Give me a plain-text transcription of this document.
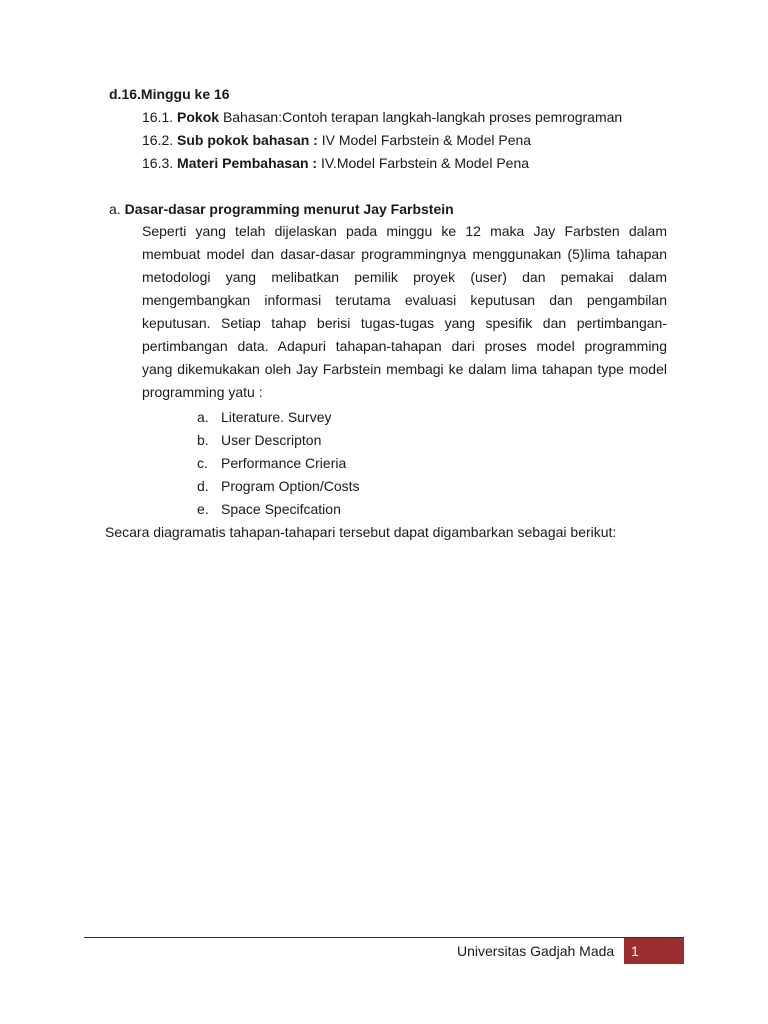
d.16.Minggu ke 16
16.1. Pokok Bahasan:Contoh terapan langkah-langkah proses pemrograman
16.2. Sub pokok bahasan : IV Model Farbstein & Model Pena
16.3. Materi Pembahasan : IV.Model Farbstein & Model Pena
a. Dasar-dasar programming menurut Jay Farbstein
Seperti yang telah dijelaskan pada minggu ke 12 maka Jay Farbsten dalam
membuat model dan dasar-dasar programmingnya menggunakan (5)lima tahapan
metodologi yang melibatkan pemilik proyek (user) dan pemakai dalam
mengembangkan informasi terutama evaluasi keputusan dan pengambilan
keputusan. Setiap tahap berisi tugas-tugas yang spesifik dan pertimbangan-
pertimbangan data. Adapuri tahapan-tahapan dari proses model programming
yang dikemukakan oleh Jay Farbstein membagi ke dalam lima tahapan type model
programming yatu :
a. Literature. Survey
b. User Descripton
c. Performance Crieria
d. Program Option/Costs
e. Space Specifcation
Secara diagramatis tahapan-tahapari tersebut dapat digambarkan sebagai berikut:
Universitas Gadjah Mada	1
